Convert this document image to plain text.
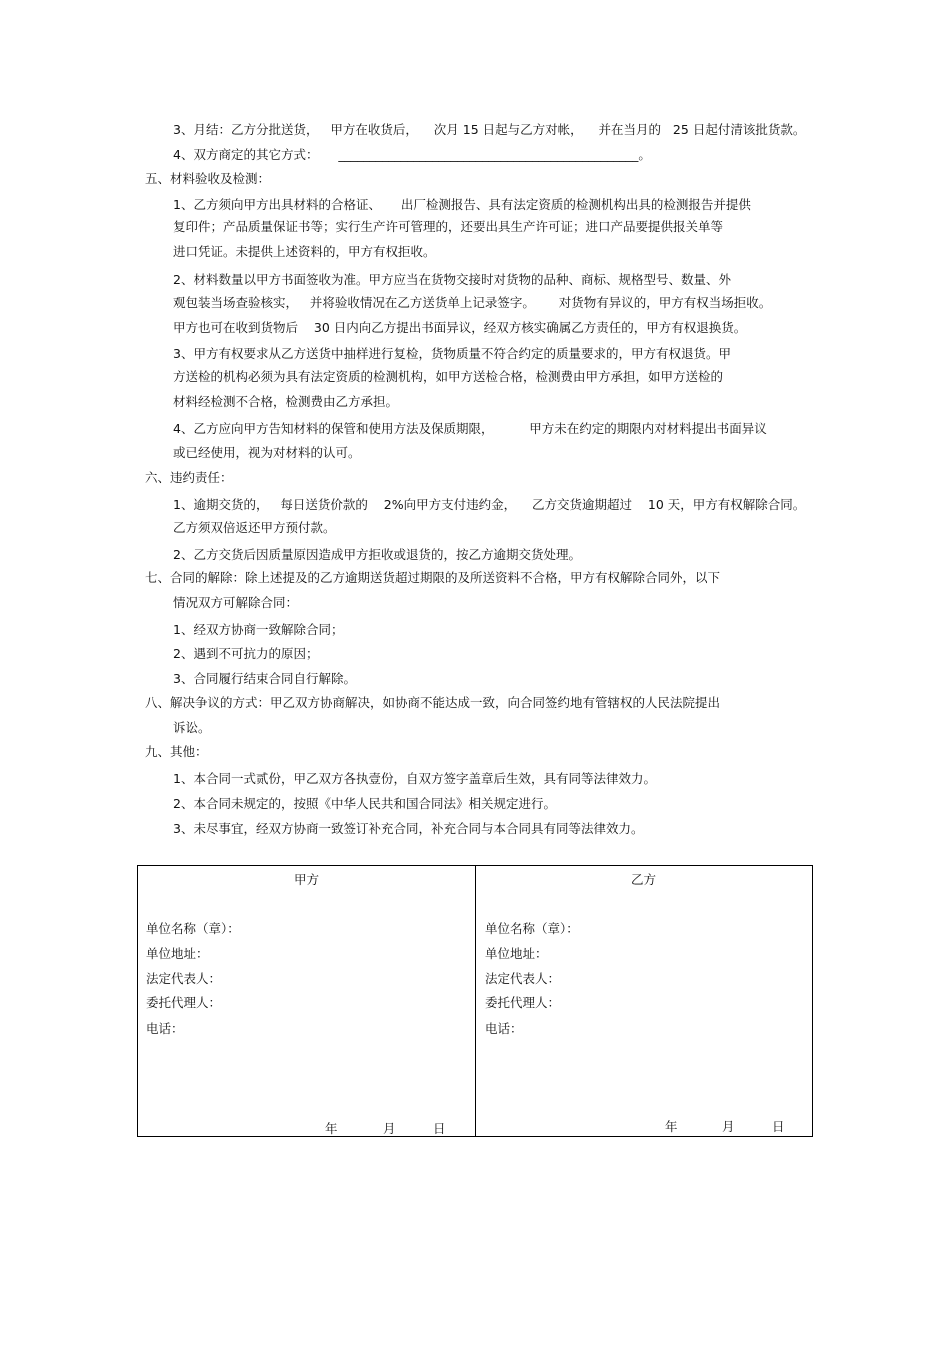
3、月结：乙方分批送货，   甲方在收货后，    次月 15 日起与乙方对帐，    并在当月的   25 日起付清该批货款。
4、双方商定的其它方式：     ________________________________________________。
五、材料验收及检测：
1、乙方须向甲方出具材料的合格证、     出厂检测报告、具有法定资质的检测机构出具的检测报告并提供
复印件；产品质量保证书等；实行生产许可管理的，还要出具生产许可证；进口产品要提供报关单等
进口凭证。未提供上述资料的，甲方有权拒收。
2、材料数量以甲方书面签收为准。甲方应当在货物交接时对货物的品种、商标、规格型号、数量、外
观包装当场查验核实，   并将验收情况在乙方送货单上记录签字。      对货物有异议的，甲方有权当场拒收。
甲方也可在收到货物后    30 日内向乙方提出书面异议，经双方核实确属乙方责任的，甲方有权退换货。
3、甲方有权要求从乙方送货中抽样进行复检，货物质量不符合约定的质量要求的，甲方有权退货。甲
方送检的机构必须为具有法定资质的检测机构，如甲方送检合格，检测费由甲方承担，如甲方送检的
材料经检测不合格，检测费由乙方承担。
4、乙方应向甲方告知材料的保管和使用方法及保质期限，         甲方未在约定的期限内对材料提出书面异议
或已经使用，视为对材料的认可。
六、违约责任：
1、逾期交货的，   每日送货价款的    2%向甲方支付违约金，    乙方交货逾期超过    10 天，甲方有权解除合同。
乙方须双倍返还甲方预付款。
2、乙方交货后因质量原因造成甲方拒收或退货的，按乙方逾期交货处理。
七、合同的解除：除上述提及的乙方逾期送货超过期限的及所送资料不合格，甲方有权解除合同外，以下
情况双方可解除合同：
1、经双方协商一致解除合同；
2、遇到不可抗力的原因；
3、合同履行结束合同自行解除。
八、解决争议的方式：甲乙双方协商解决，如协商不能达成一致，向合同签约地有管辖权的人民法院提出
诉讼。
九、其他：
1、本合同一式贰份，甲乙双方各执壹份，自双方签字盖章后生效，具有同等法律效力。
2、本合同未规定的，按照《中华人民共和国合同法》相关规定进行。
3、未尽事宜，经双方协商一致签订补充合同，补充合同与本合同具有同等法律效力。
甲方
单位名称（章）：
单位地址：
法定代表人：
委托代理人：
电话：
年	月	日
乙方
单位名称（章）：
单位地址：
法定代表人：
委托代理人：
电话：
年	月	日
